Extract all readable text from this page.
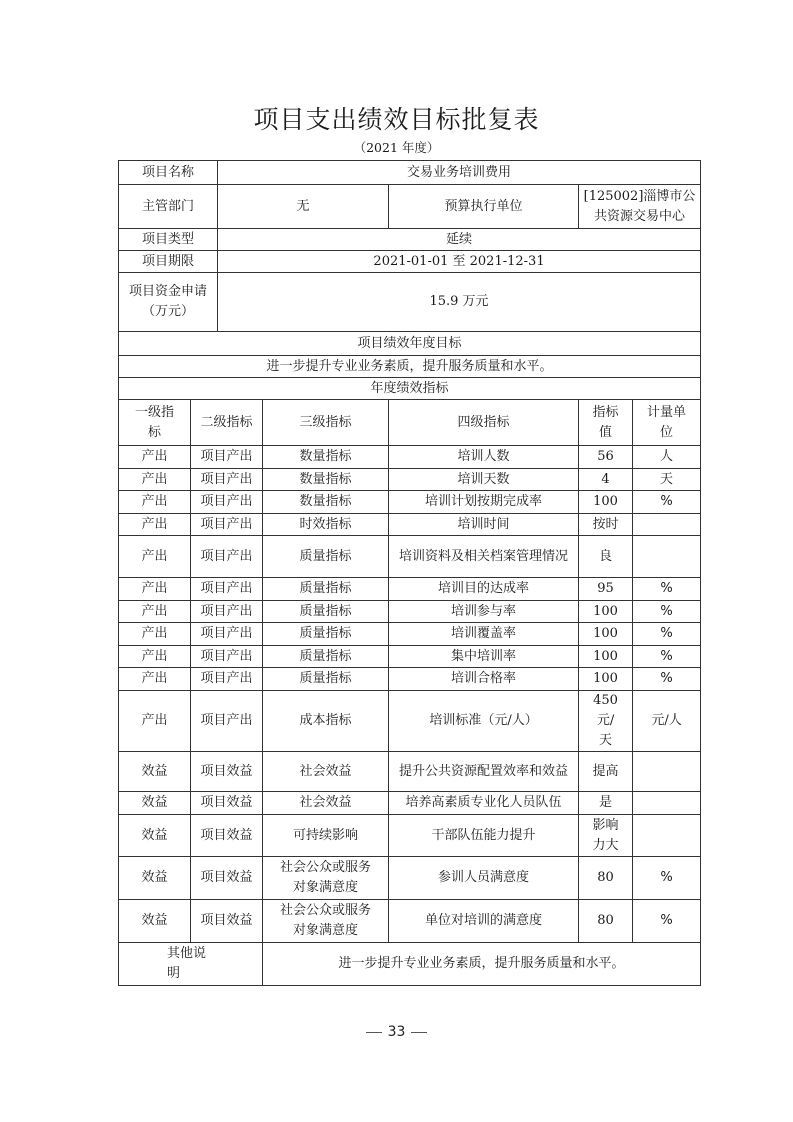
项目支出绩效目标批复表
（2021 年度）
项目名称		交易业务培训费用				
主管部门		无		预算执行单位	[125002]淄博市公共资源交易中心	
项目类型		延续				
项目期限		2021-01-01 至 2021-12-31				
项目资金申请（万元）		15.9 万元				
项目绩效年度目标						
进一步提升专业业务素质，提升服务质量和水平。						
年度绩效指标						
一级指标	二级指标		三级指标	四级指标	指标值	计量单位
产出	项目产出		数量指标	培训人数	56	人
产出	项目产出		数量指标	培训天数	4	天
产出	项目产出		数量指标	培训计划按期完成率	100	%
产出	项目产出		时效指标	培训时间	按时	
产出	项目产出		质量指标	培训资料及相关档案管理情况	良	
产出	项目产出		质量指标	培训目的达成率	95	%
产出	项目产出		质量指标	培训参与率	100	%
产出	项目产出		质量指标	培训覆盖率	100	%
产出	项目产出		质量指标	集中培训率	100	%
产出	项目产出		质量指标	培训合格率	100	%
产出	项目产出		成本指标	培训标准（元/人）	450 元/天	元/人
效益	项目效益		社会效益	提升公共资源配置效率和效益	提高	
效益	项目效益		社会效益	培养高素质专业化人员队伍	是	
效益	项目效益		可持续影响	干部队伍能力提升	影响力大	
效益	项目效益		社会公众或服务对象满意度	参训人员满意度	80	%
效益	项目效益		社会公众或服务对象满意度	单位对培训的满意度	80	%
其他说明			进一步提升专业业务素质，提升服务质量和水平。			
33
